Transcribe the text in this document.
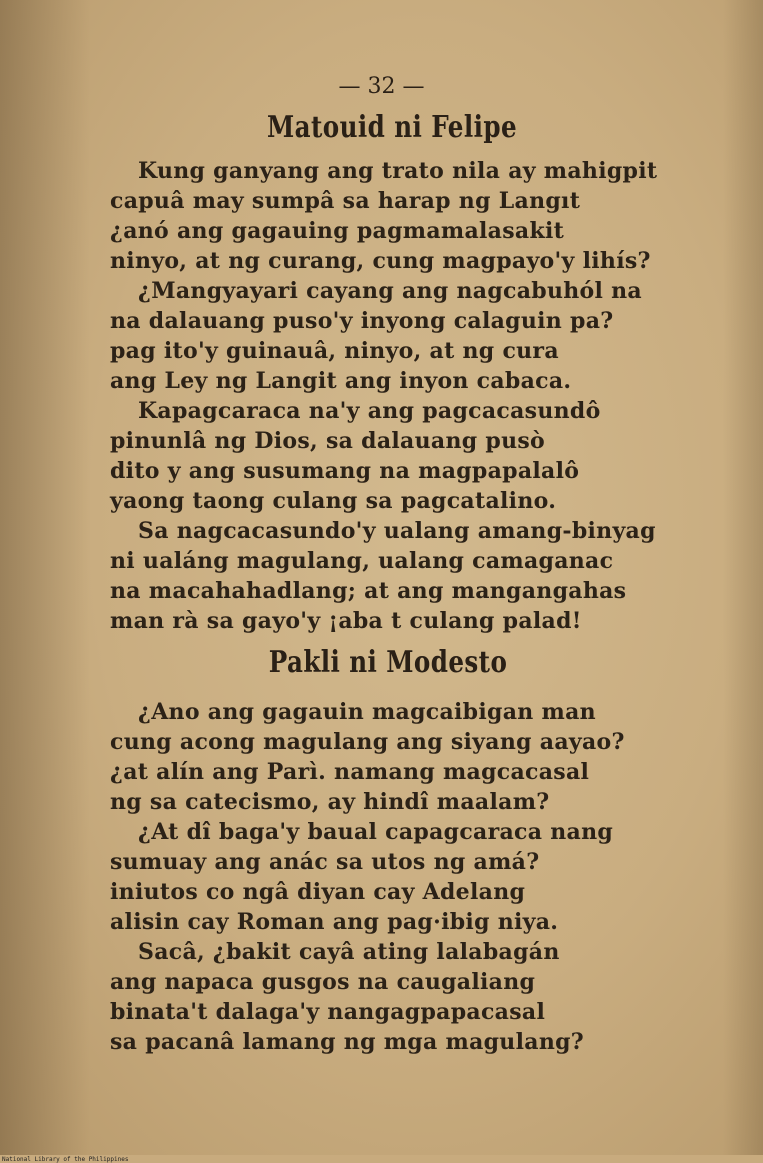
— 32 —
Matouid ni Felipe
Kung ganyang ang trato nila ay mahigpit
capuâ may sumpâ sa harap ng Langıt
¿anó ang gagauing pagmamalasakit
ninyo, at ng curang, cung magpayo'y lihís?
¿Mangyayari cayang ang nagcabuhól na
na dalauang puso'y inyong calaguin pa?
pag ito'y guinauâ, ninyo, at ng cura
ang Ley ng Langit ang inyon cabaca.
Kapagcaraca na'y ang pagcacasundô
pinunlâ ng Dios, sa dalauang pusò
dito y ang susumang na magpapalalô
yaong taong culang sa pagcatalino.
Sa nagcacasundo'y ualang amang-binyag
ni ualáng magulang, ualang camaganac
na macahahadlang; at ang mangangahas
man rà sa gayo'y ¡aba t culang palad!
Pakli ni Modesto
¿Ano ang gagauin magcaibigan man
cung acong magulang ang siyang aayao?
¿at alín ang Parì. namang magcacasal
ng sa catecismo, ay hindî maalam?
¿At dî baga'y baual capagcaraca nang
sumuay ang anác sa utos ng amá?
iniutos co ngâ diyan cay Adelang
alisin cay Roman ang pag·ibig niya.
Sacâ, ¿bakit cayâ ating lalabagán
ang napaca gusgos na caugaliang
binata't dalaga'y nangagpapacasal
sa pacanâ lamang ng mga magulang?
National Library of the Philippines
